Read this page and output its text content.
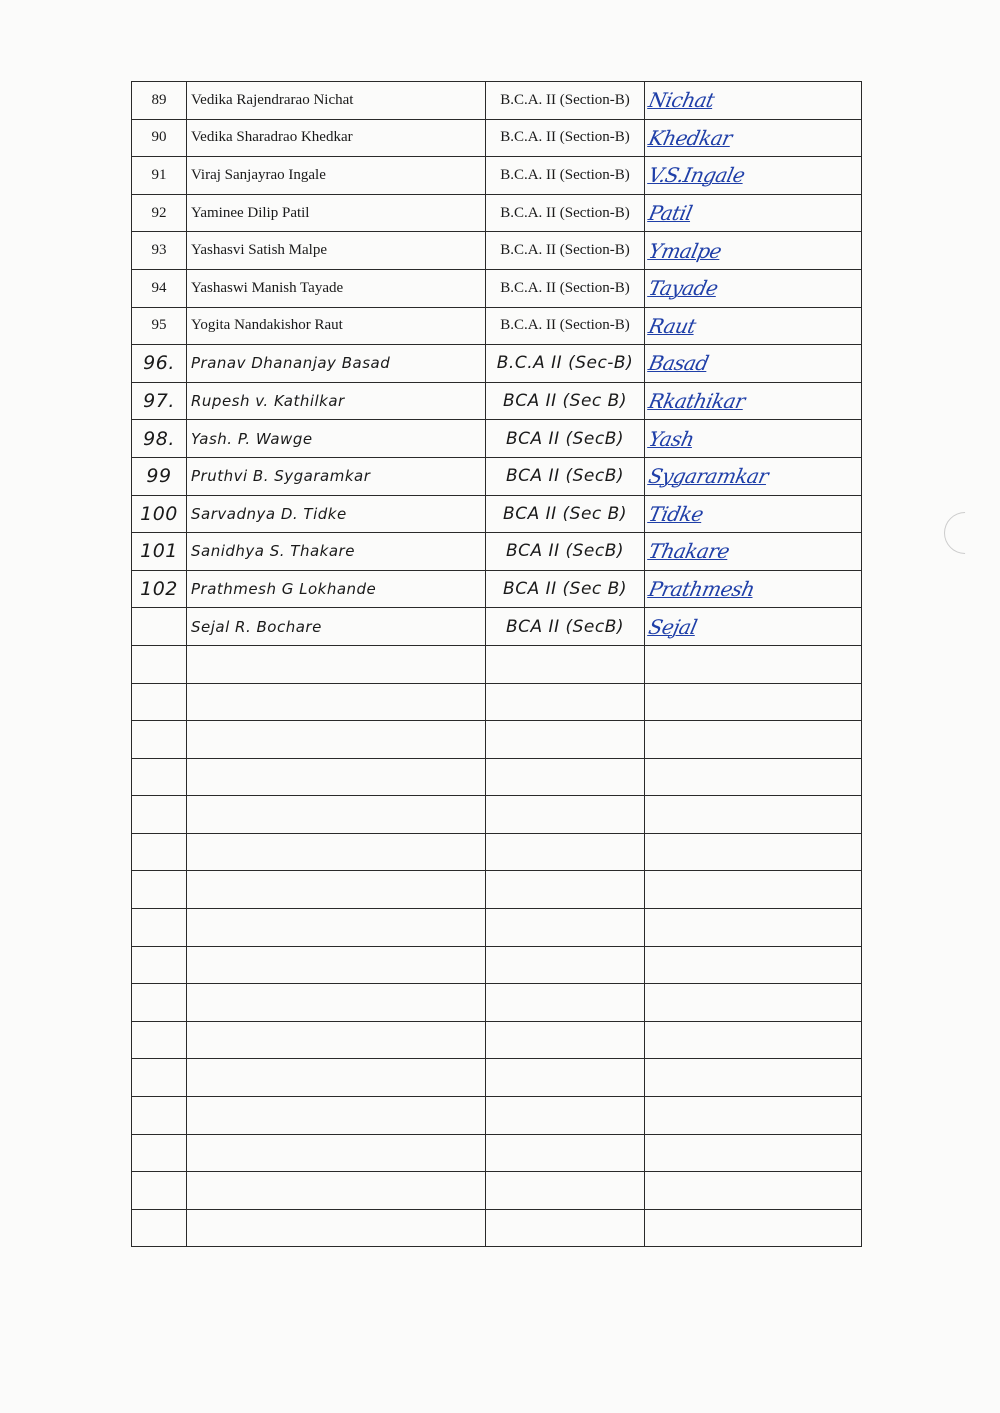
89	Vedika Rajendrarao Nichat	B.C.A. II (Section-B)	Nichat
90	Vedika Sharadrao Khedkar	B.C.A. II (Section-B)	Khedkar
91	Viraj Sanjayrao Ingale	B.C.A. II (Section-B)	V.S.Ingale
92	Yaminee Dilip Patil	B.C.A. II (Section-B)	Patil
93	Yashasvi Satish Malpe	B.C.A. II (Section-B)	Ymalpe
94	Yashaswi Manish Tayade	B.C.A. II (Section-B)	Tayade
95	Yogita Nandakishor Raut	B.C.A. II (Section-B)	Raut
96.	Pranav Dhananjay Basad	B.C.A II (Sec-B)	Basad
97.	Rupesh v. Kathilkar	BCA II (Sec B)	Rkathikar
98.	Yash. P. Wawge	BCA II (SecB)	Yash
99	Pruthvi B. Sygaramkar	BCA II (SecB)	Sygaramkar
100	Sarvadnya D. Tidke	BCA II (Sec B)	Tidke
101	Sanidhya S. Thakare	BCA II (SecB)	Thakare
102	Prathmesh G Lokhande	BCA II (Sec B)	Prathmesh
	Sejal R. Bochare	BCA II (SecB)	Sejal
